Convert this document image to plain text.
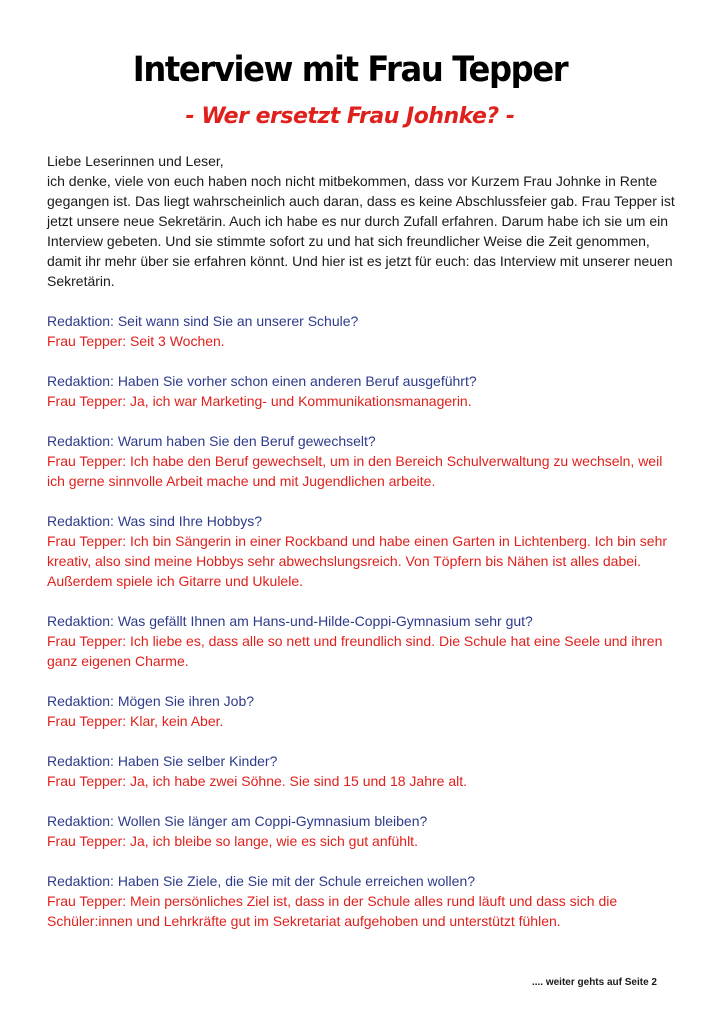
Interview mit Frau Tepper
- Wer ersetzt Frau Johnke? -

Liebe Leserinnen und Leser,

ich denke, viele von euch haben noch nicht mitbekommen, dass vor Kurzem Frau Johnke in Rente gegangen ist. Das liegt wahrscheinlich auch daran, dass es keine Abschlussfeier gab. Frau Tepper ist jetzt unsere neue Sekretärin. Auch ich habe es nur durch Zufall erfahren. Darum habe ich sie um ein Interview gebeten. Und sie stimmte sofort zu und hat sich freundlicher Weise die Zeit genommen, damit ihr mehr über sie erfahren könnt. Und hier ist es jetzt für euch: das Interview mit unserer neuen Sekretärin.

Redaktion: Seit wann sind Sie an unserer Schule?

Frau Tepper: Seit 3 Wochen.

Redaktion: Haben Sie vorher schon einen anderen Beruf ausgeführt?

Frau Tepper: Ja, ich war Marketing- und Kommunikationsmanagerin.

Redaktion: Warum haben Sie den Beruf gewechselt?

Frau Tepper: Ich habe den Beruf gewechselt, um in den Bereich Schulverwaltung zu wechseln, weil ich gerne sinnvolle Arbeit mache und mit Jugendlichen arbeite.

Redaktion: Was sind Ihre Hobbys?

Frau Tepper: Ich bin Sängerin in einer Rockband und habe einen Garten in Lichtenberg. Ich bin sehr kreativ, also sind meine Hobbys sehr abwechslungsreich. Von Töpfern bis Nähen ist alles dabei. Außerdem spiele ich Gitarre und Ukulele.

Redaktion: Was gefällt Ihnen am Hans-und-Hilde-Coppi-Gymnasium sehr gut?

Frau Tepper: Ich liebe es, dass alle so nett und freundlich sind. Die Schule hat eine Seele und ihren ganz eigenen Charme.

Redaktion: Mögen Sie ihren Job?

Frau Tepper: Klar, kein Aber.

Redaktion: Haben Sie selber Kinder?

Frau Tepper: Ja, ich habe zwei Söhne. Sie sind 15 und 18 Jahre alt.

Redaktion: Wollen Sie länger am Coppi-Gymnasium bleiben?

Frau Tepper: Ja, ich bleibe so lange, wie es sich gut anfühlt.

Redaktion: Haben Sie Ziele, die Sie mit der Schule erreichen wollen?

Frau Tepper: Mein persönliches Ziel ist, dass in der Schule alles rund läuft und dass sich die Schüler:innen und Lehrkräfte gut im Sekretariat aufgehoben und unterstützt fühlen.

.... weiter gehts auf Seite 2
